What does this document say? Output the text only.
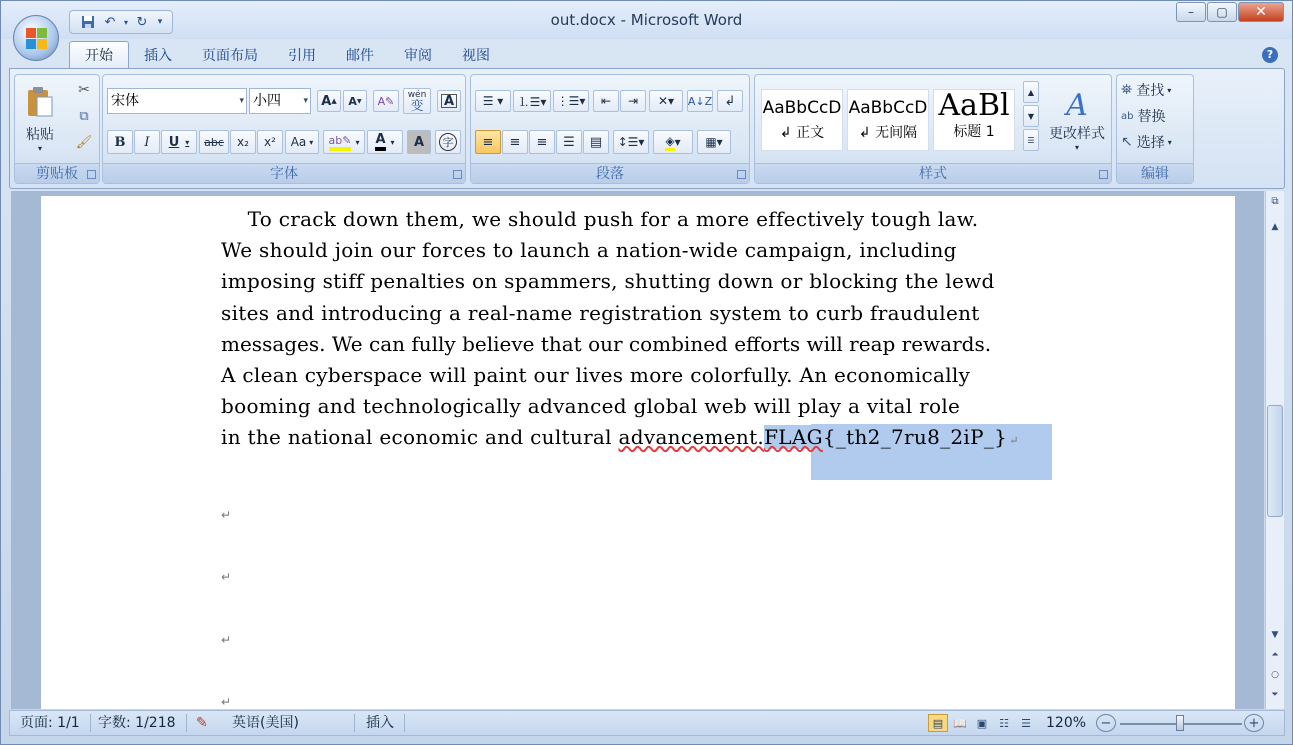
↶	▾ ↻	▾	out.docx - Microsoft Word	–	▢	✕
开始	插入	页面布局	引用	邮件	审阅	视图	?
粘贴
▾
✂
⧉
🖌
剪贴板
宋体	▾ 小四 ▾ A ▲ A ▼	A✎	wén
变	A
B	I	U ▾	abc	x₂	x²	Aa ▾ ab✎ ▾ A ▾	A	字
字体
☰ ▾	⒈☰▾ ⋮☰▾	⇤	⇥	✕▾	A↓Z ↲
≡	≡	≡	☰	▤	↕☰▾	◈ ▾	▦▾
段落
AaBbCcD
↲ 正文
AaBbCcD
↲ 无间隔
AaBl
标题 1
▲
▼
☰
A
更改样式
▾
样式
⛯ 查找 ▾
ab 替换
↖ 选择 ▾
编辑
To crack down them, we should push for a more effectively tough law.
We should join our forces to launch a nation-wide campaign, including
imposing stiff penalties on spammers, shutting down or blocking the lewd
sites and introducing a real-name registration system to curb fraudulent
messages. We can fully believe that our combined efforts will reap rewards.
A clean cyberspace will paint our lives more colorfully. An economically
booming and technologically advanced global web will play a vital role
in the national economic and cultural advancement.FLAG{_th2_7ru8_2iP_} ↵
↵
↵
↵
↵
⧉
▲
▼
⏶
○
⏷
页面: 1/1 字数: 1/218 ✎ 英语(美国)	插入	▤ 📖 ▣	☷	☰	120%	−	+
